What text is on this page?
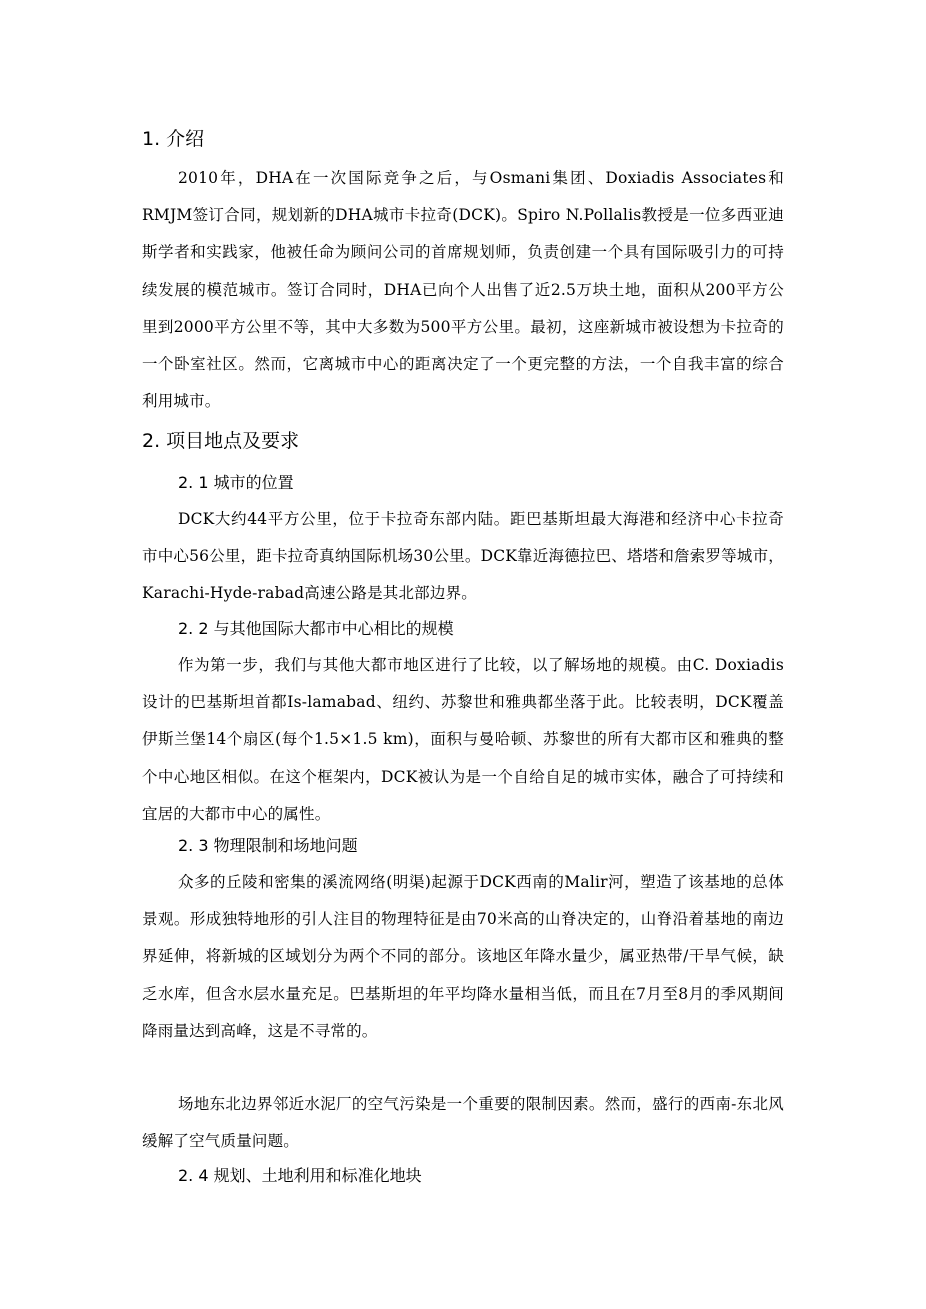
1. 介绍

2010年，DHA在一次国际竞争之后，与Osmani集团、Doxiadis Associates和RMJM签订合同，规划新的DHA城市卡拉奇(DCK)。Spiro N.Pollalis教授是一位多西亚迪斯学者和实践家，他被任命为顾问公司的首席规划师，负责创建一个具有国际吸引力的可持续发展的模范城市。签订合同时，DHA已向个人出售了近2.5万块土地，面积从200平方公里到2000平方公里不等，其中大多数为500平方公里。最初，这座新城市被设想为卡拉奇的一个卧室社区。然而，它离城市中心的距离决定了一个更完整的方法，一个自我丰富的综合利用城市。

2. 项目地点及要求
2. 1 城市的位置

DCK大约44平方公里，位于卡拉奇东部内陆。距巴基斯坦最大海港和经济中心卡拉奇市中心56公里，距卡拉奇真纳国际机场30公里。DCK靠近海德拉巴、塔塔和詹索罗等城市，Karachi-Hyde-rabad高速公路是其北部边界。

2. 2 与其他国际大都市中心相比的规模

作为第一步，我们与其他大都市地区进行了比较，以了解场地的规模。由C. Doxiadis设计的巴基斯坦首都Is-lamabad、纽约、苏黎世和雅典都坐落于此。比较表明，DCK覆盖伊斯兰堡14个扇区(每个1.5×1.5 km)，面积与曼哈顿、苏黎世的所有大都市区和雅典的整个中心地区相似。在这个框架内，DCK被认为是一个自给自足的城市实体，融合了可持续和宜居的大都市中心的属性。

2. 3 物理限制和场地问题

众多的丘陵和密集的溪流网络(明渠)起源于DCK西南的Malir河，塑造了该基地的总体景观。形成独特地形的引人注目的物理特征是由70米高的山脊决定的，山脊沿着基地的南边界延伸，将新城的区域划分为两个不同的部分。该地区年降水量少，属亚热带/干旱气候，缺乏水库，但含水层水量充足。巴基斯坦的年平均降水量相当低，而且在7月至8月的季风期间降雨量达到高峰，这是不寻常的。

场地东北边界邻近水泥厂的空气污染是一个重要的限制因素。然而，盛行的西南-东北风缓解了空气质量问题。

2. 4 规划、土地利用和标准化地块
